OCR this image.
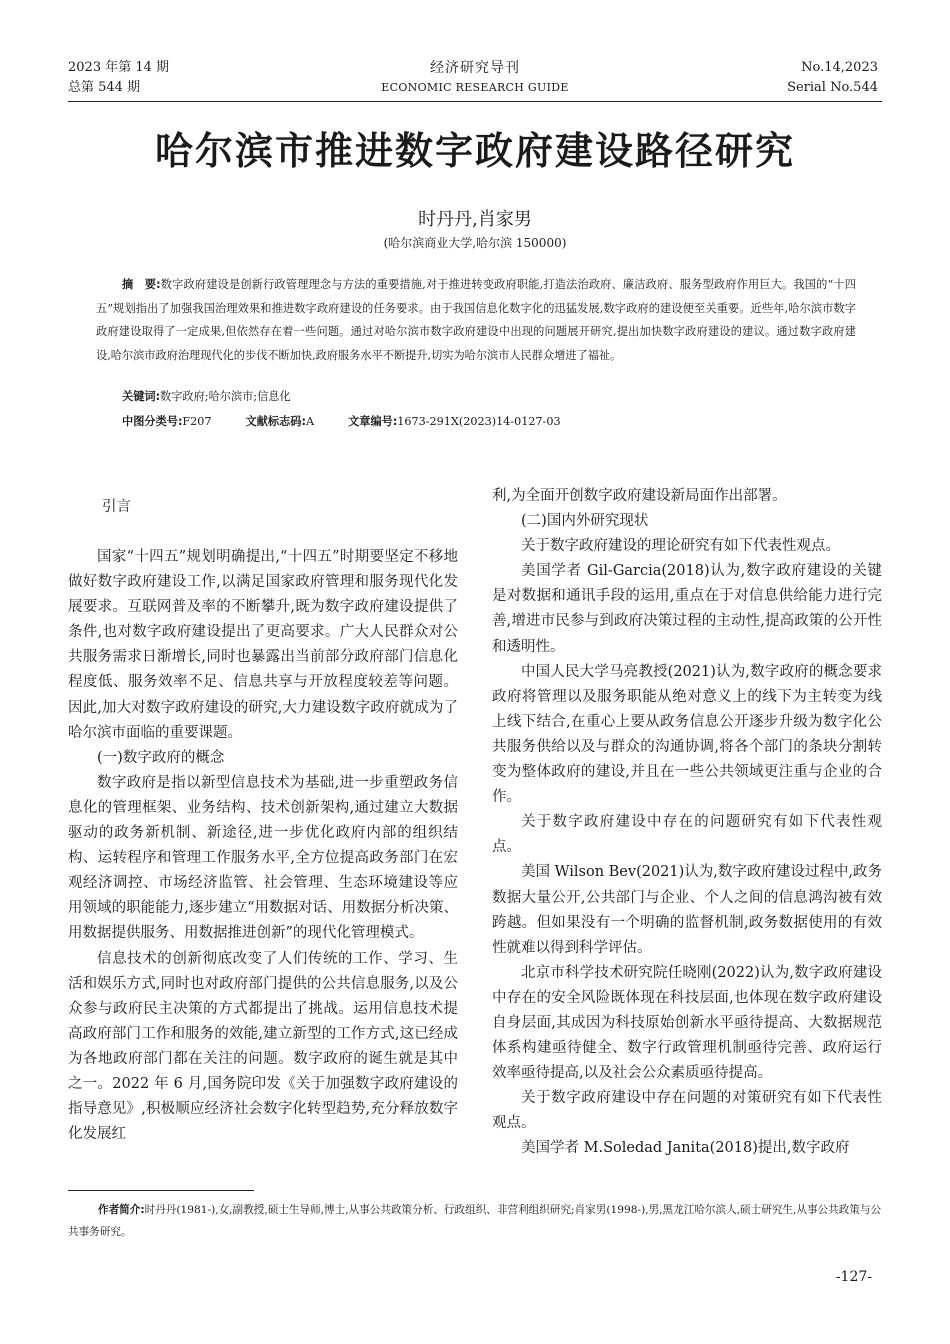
2023 年第 14 期
总第 544 期
经济研究导刊
ECONOMIC RESEARCH GUIDE
No.14,2023
Serial No.544
哈尔滨市推进数字政府建设路径研究
时丹丹,肖家男
(哈尔滨商业大学,哈尔滨 150000)
摘　要:数字政府建设是创新行政管理理念与方法的重要措施,对于推进转变政府职能,打造法治政府、廉洁政府、服务型政府作用巨大。我国的“十四五”规划指出了加强我国治理效果和推进数字政府建设的任务要求。由于我国信息化数字化的迅猛发展,数字政府的建设便至关重要。近些年,哈尔滨市数字政府建设取得了一定成果,但依然存在着一些问题。通过对哈尔滨市数字政府建设中出现的问题展开研究,提出加快数字政府建设的建议。通过数字政府建设,哈尔滨市政府治理现代化的步伐不断加快,政府服务水平不断提升,切实为哈尔滨市人民群众增进了福祉。
关键词:数字政府;哈尔滨市;信息化
中图分类号:F207	文献标志码:A	文章编号:1673-291X(2023)14-0127-03
引言

国家“十四五”规划明确提出,“十四五”时期要坚定不移地做好数字政府建设工作,以满足国家政府管理和服务现代化发展要求。互联网普及率的不断攀升,既为数字政府建设提供了条件,也对数字政府建设提出了更高要求。广大人民群众对公共服务需求日渐增长,同时也暴露出当前部分政府部门信息化程度低、服务效率不足、信息共享与开放程度较差等问题。因此,加大对数字政府建设的研究,大力建设数字政府就成为了哈尔滨市面临的重要课题。

(一)数字政府的概念

数字政府是指以新型信息技术为基础,进一步重塑政务信息化的管理框架、业务结构、技术创新架构,通过建立大数据驱动的政务新机制、新途径,进一步优化政府内部的组织结构、运转程序和管理工作服务水平,全方位提高政务部门在宏观经济调控、市场经济监管、社会管理、生态环境建设等应用领域的职能能力,逐步建立“用数据对话、用数据分析决策、用数据提供服务、用数据推进创新”的现代化管理模式。

信息技术的创新彻底改变了人们传统的工作、学习、生活和娱乐方式,同时也对政府部门提供的公共信息服务,以及公众参与政府民主决策的方式都提出了挑战。运用信息技术提高政府部门工作和服务的效能,建立新型的工作方式,这已经成为各地政府部门都在关注的问题。数字政府的诞生就是其中之一。2022 年 6 月,国务院印发《关于加强数字政府建设的指导意见》,积极顺应经济社会数字化转型趋势,充分释放数字化发展红

利,为全面开创数字政府建设新局面作出部署。

(二)国内外研究现状

关于数字政府建设的理论研究有如下代表性观点。

美国学者 Gil-Garcia(2018)认为,数字政府建设的关键是对数据和通讯手段的运用,重点在于对信息供给能力进行完善,增进市民参与到政府决策过程的主动性,提高政策的公开性和透明性。

中国人民大学马亮教授(2021)认为,数字政府的概念要求政府将管理以及服务职能从绝对意义上的线下为主转变为线上线下结合,在重心上要从政务信息公开逐步升级为数字化公共服务供给以及与群众的沟通协调,将各个部门的条块分割转变为整体政府的建设,并且在一些公共领域更注重与企业的合作。

关于数字政府建设中存在的问题研究有如下代表性观点。

美国 Wilson Bev(2021)认为,数字政府建设过程中,政务数据大量公开,公共部门与企业、个人之间的信息鸿沟被有效跨越。但如果没有一个明确的监督机制,政务数据使用的有效性就难以得到科学评估。

北京市科学技术研究院任晓刚(2022)认为,数字政府建设中存在的安全风险既体现在科技层面,也体现在数字政府建设自身层面,其成因为科技原始创新水平亟待提高、大数据规范体系构建亟待健全、数字行政管理机制亟待完善、政府运行效率亟待提高,以及社会公众素质亟待提高。

关于数字政府建设中存在问题的对策研究有如下代表性观点。

美国学者 M.Soledad Janita(2018)提出,数字政府

作者简介:时丹丹(1981-),女,副教授,硕士生导师,博士,从事公共政策分析、行政组织、非营利组织研究;肖家男(1998-),男,黑龙江哈尔滨人,硕士研究生,从事公共政策与公共事务研究。
-127-
